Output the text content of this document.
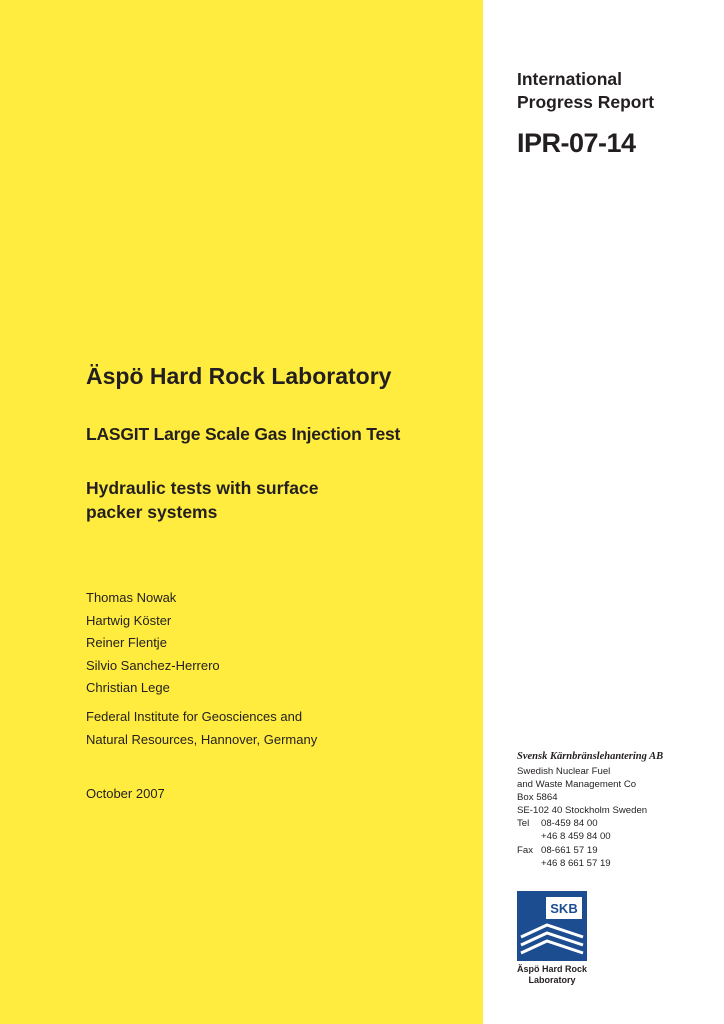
International
Progress Report
IPR-07-14
Äspö Hard Rock Laboratory
LASGIT Large Scale Gas Injection Test
Hydraulic tests with surface
packer systems
Thomas Nowak
Hartwig Köster
Reiner Flentje
Silvio Sanchez-Herrero
Christian Lege
Federal Institute for Geosciences and
Natural Resources, Hannover, Germany
October 2007
Svensk Kärnbränslehantering AB
Swedish Nuclear Fuel
and Waste Management Co
Box 5864
SE-102 40 Stockholm Sweden
Tel	08-459 84 00
+46 8 459 84 00
Fax 08-661 57 19
+46 8 661 57 19
SKB
Äspö Hard Rock
Laboratory
